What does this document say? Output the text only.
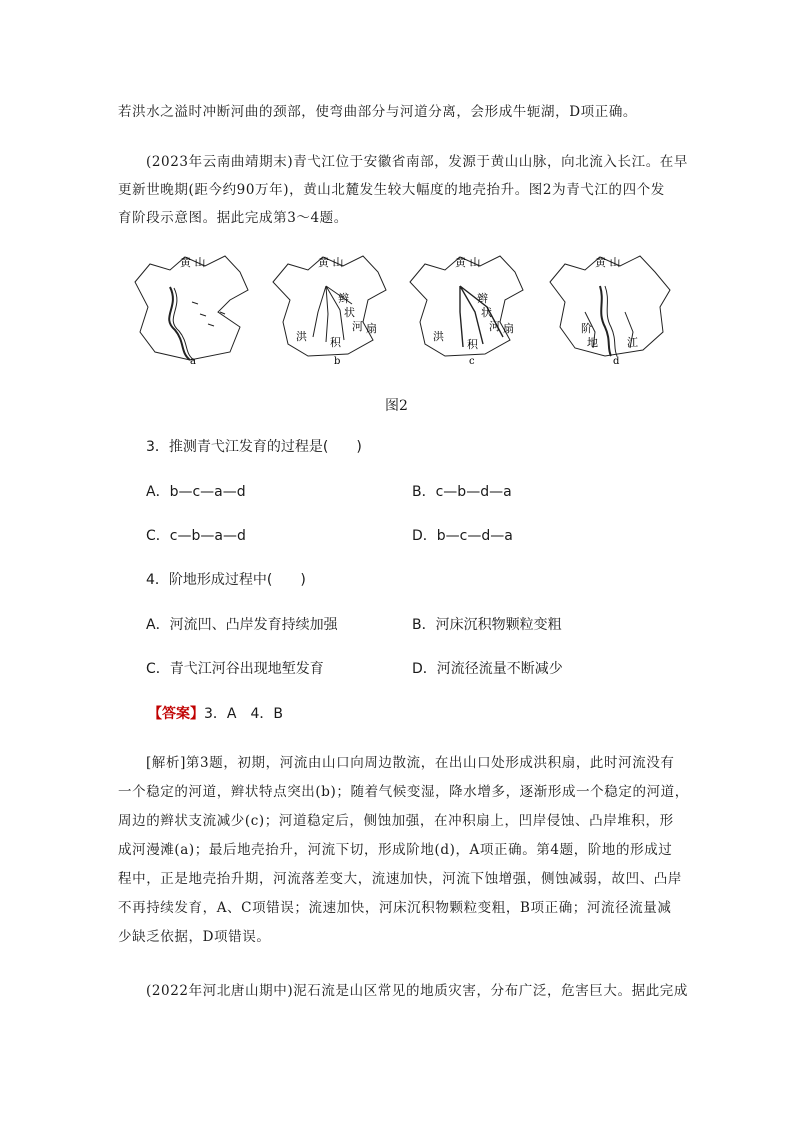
若洪水之溢时冲断河曲的颈部，使弯曲部分与河道分离，会形成牛轭湖，D项正确。
(2023年云南曲靖期末)青弋江位于安徽省南部，发源于黄山山脉，向北流入长江。在早
更新世晚期(距今约90万年)，黄山北麓发生较大幅度的地壳抬升。图2为青弋江的四个发
育阶段示意图。据此完成第3～4题。
黄 山
a
黄 山
辫
状
河
洪 积
扇
b
黄 山
辫
状
河
洪
积
扇
c
黄 山
阶
地	江
d
图2
3．推测青弋江发育的过程是(　　)
A．b—c—a—d	B．c—b—d—a
C．c—b—a—d	D．b—c—d—a
4．阶地形成过程中(　　)
A．河流凹、凸岸发育持续加强	B．河床沉积物颗粒变粗
C．青弋江河谷出现地堑发育	D．河流径流量不断减少
【答案】3．A　4．B
[解析]第3题，初期，河流由山口向周边散流，在出山口处形成洪积扇，此时河流没有
一个稳定的河道，辫状特点突出(b)；随着气候变湿，降水增多，逐渐形成一个稳定的河道，
周边的辫状支流减少(c)；河道稳定后，侧蚀加强，在冲积扇上，凹岸侵蚀、凸岸堆积，形
成河漫滩(a)；最后地壳抬升，河流下切，形成阶地(d)，A项正确。第4题，阶地的形成过
程中，正是地壳抬升期，河流落差变大，流速加快，河流下蚀增强，侧蚀减弱，故凹、凸岸
不再持续发育，A、C项错误；流速加快，河床沉积物颗粒变粗，B项正确；河流径流量减
少缺乏依据，D项错误。
(2022年河北唐山期中)泥石流是山区常见的地质灾害，分布广泛，危害巨大。据此完成
